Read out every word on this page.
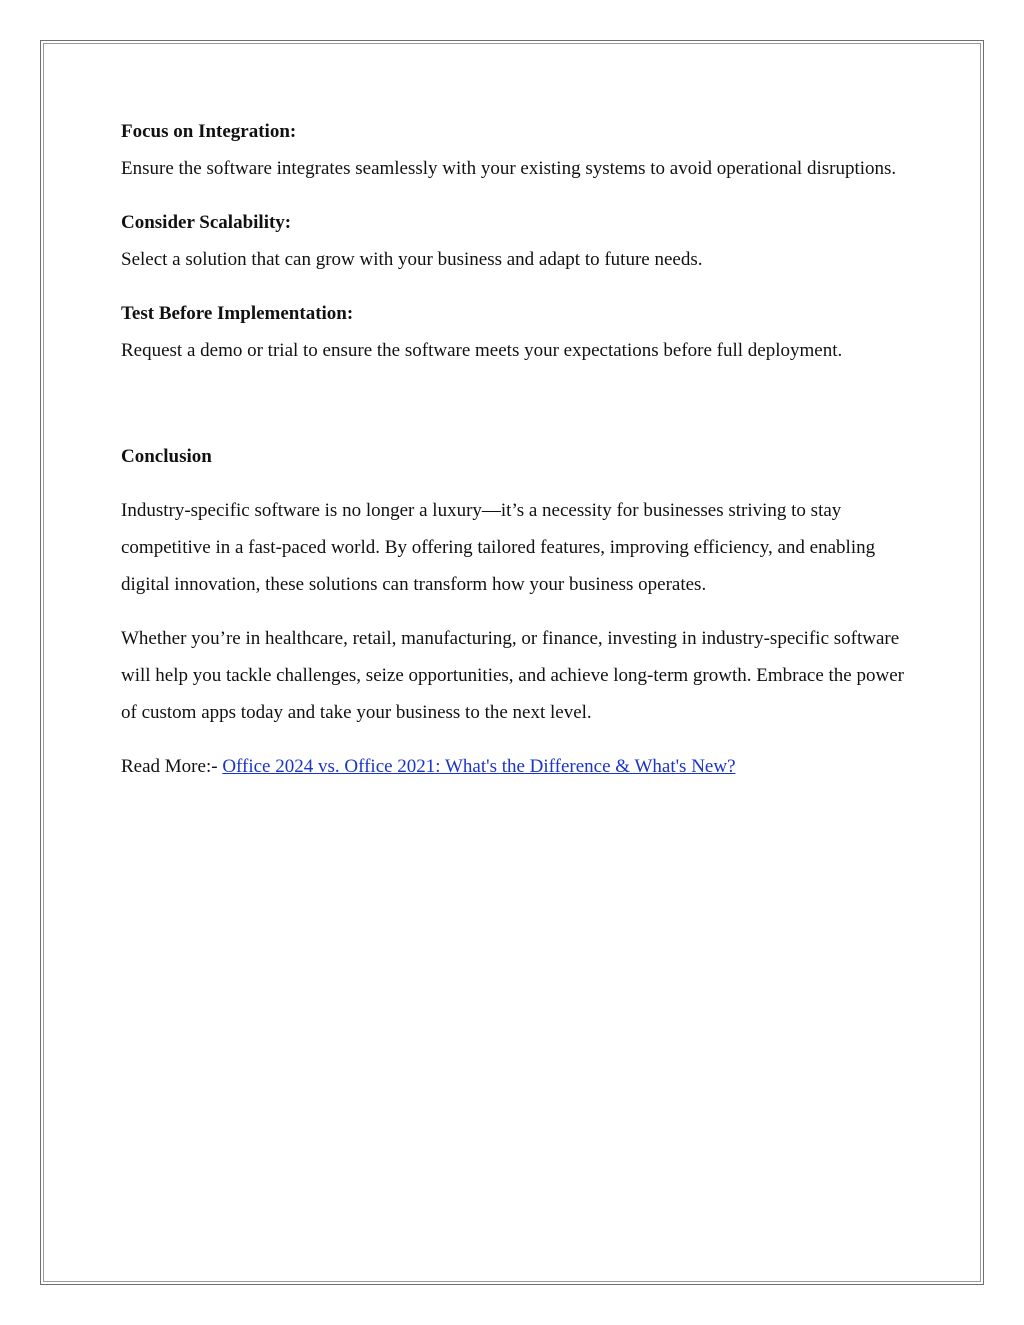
Focus on Integration:

Ensure the software integrates seamlessly with your existing systems to avoid operational disruptions.

Consider Scalability:

Select a solution that can grow with your business and adapt to future needs.

Test Before Implementation:

Request a demo or trial to ensure the software meets your expectations before full deployment.

Conclusion

Industry-specific software is no longer a luxury—it’s a necessity for businesses striving to stay competitive in a fast-paced world. By offering tailored features, improving efficiency, and enabling digital innovation, these solutions can transform how your business operates.

Whether you’re in healthcare, retail, manufacturing, or finance, investing in industry-specific software will help you tackle challenges, seize opportunities, and achieve long-term growth. Embrace the power of custom apps today and take your business to the next level.

Read More:- Office 2024 vs. Office 2021: What's the Difference & What's New?
